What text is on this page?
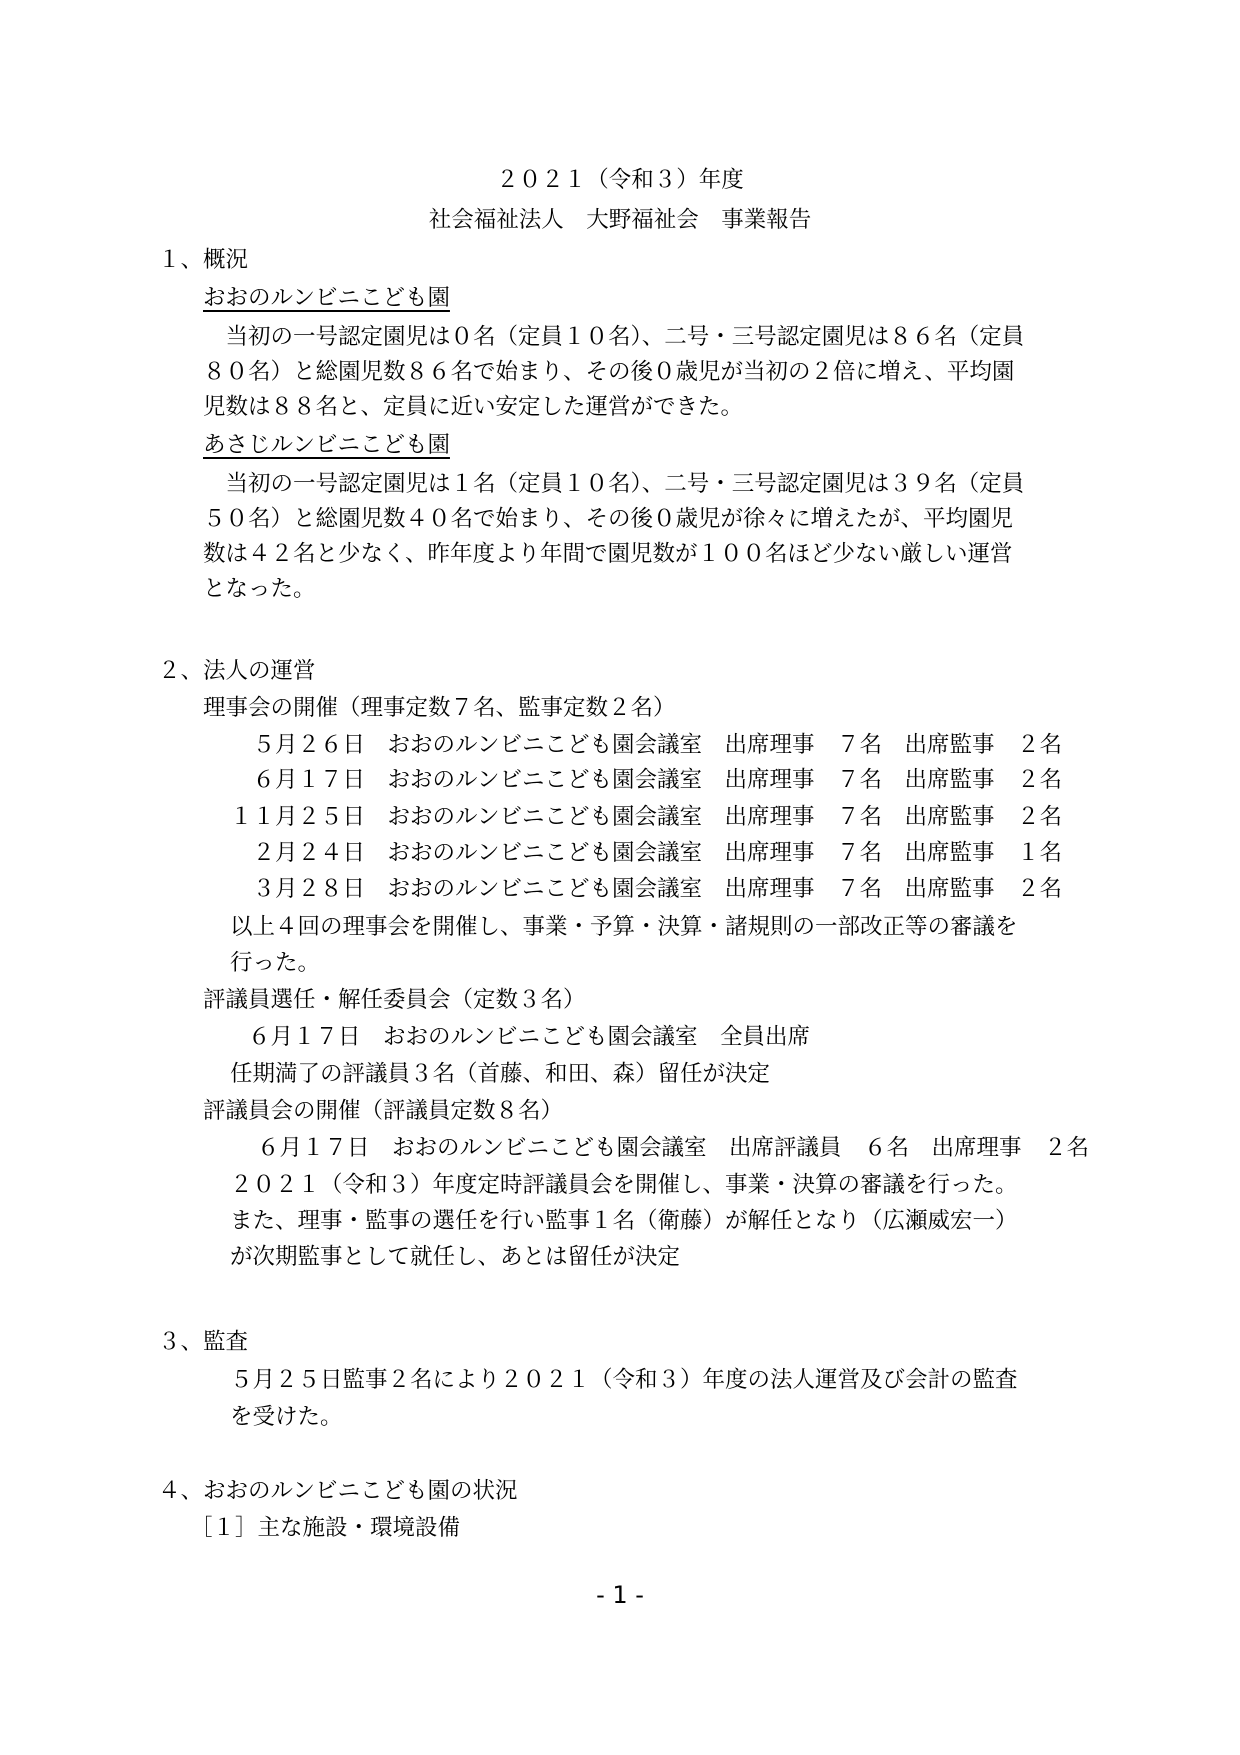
２０２１（令和３）年度
社会福祉法人　大野福祉会　事業報告
１、概況
おおのルンビニこども園
　当初の一号認定園児は０名（定員１０名）、二号・三号認定園児は８６名（定員
８０名）と総園児数８６名で始まり、その後０歳児が当初の２倍に増え、平均園
児数は８８名と、定員に近い安定した運営ができた。
あさじルンビニこども園
　当初の一号認定園児は１名（定員１０名）、二号・三号認定園児は３９名（定員
５０名）と総園児数４０名で始まり、その後０歳児が徐々に増えたが、平均園児
数は４２名と少なく、昨年度より年間で園児数が１００名ほど少ない厳しい運営
となった。
２、法人の運営
理事会の開催（理事定数７名、監事定数２名）
　５月２６日　おおのルンビニこども園会議室　出席理事　７名　出席監事　２名
　６月１７日　おおのルンビニこども園会議室　出席理事　７名　出席監事　２名
１１月２５日　おおのルンビニこども園会議室　出席理事　７名　出席監事　２名
　２月２４日　おおのルンビニこども園会議室　出席理事　７名　出席監事　１名
　３月２８日　おおのルンビニこども園会議室　出席理事　７名　出席監事　２名
以上４回の理事会を開催し、事業・予算・決算・諸規則の一部改正等の審議を
行った。
評議員選任・解任委員会（定数３名）
６月１７日　おおのルンビニこども園会議室　全員出席
任期満了の評議員３名（首藤、和田、森）留任が決定
評議員会の開催（評議員定数８名）
６月１７日　おおのルンビニこども園会議室　出席評議員　６名　出席理事　２名
２０２１（令和３）年度定時評議員会を開催し、事業・決算の審議を行った。
また、理事・監事の選任を行い監事１名（衛藤）が解任となり（広瀬威宏一）
が次期監事として就任し、あとは留任が決定
３、監査
５月２５日監事２名により２０２１（令和３）年度の法人運営及び会計の監査
を受けた。
４、おおのルンビニこども園の状況
［１］主な施設・環境設備
- 1 -
